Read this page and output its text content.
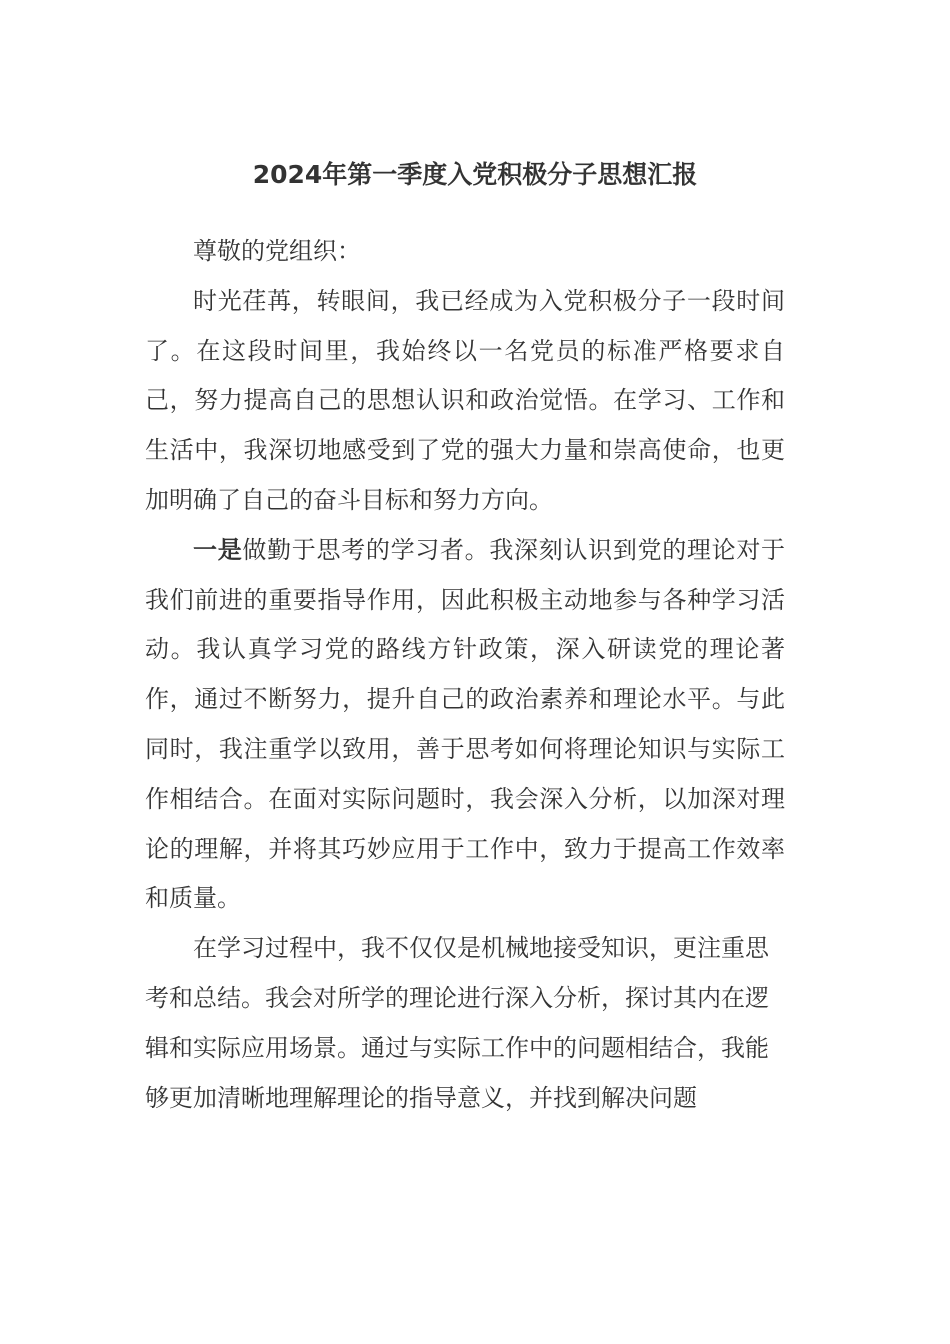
2024年第一季度入党积极分子思想汇报

尊敬的党组织：

时光荏苒，转眼间，我已经成为入党积极分子一段时间了。在这段时间里，我始终以一名党员的标准严格要求自己，努力提高自己的思想认识和政治觉悟。在学习、工作和生活中，我深切地感受到了党的强大力量和崇高使命，也更加明确了自己的奋斗目标和努力方向。

一是做勤于思考的学习者。我深刻认识到党的理论对于我们前进的重要指导作用，因此积极主动地参与各种学习活动。我认真学习党的路线方针政策，深入研读党的理论著作，通过不断努力，提升自己的政治素养和理论水平。与此同时，我注重学以致用，善于思考如何将理论知识与实际工作相结合。在面对实际问题时，我会深入分析，以加深对理论的理解，并将其巧妙应用于工作中，致力于提高工作效率和质量。

在学习过程中，我不仅仅是机械地接受知识，更注重思考和总结。我会对所学的理论进行深入分析，探讨其内在逻辑和实际应用场景。通过与实际工作中的问题相结合，我能够更加清晰地理解理论的指导意义，并找到解决问题
